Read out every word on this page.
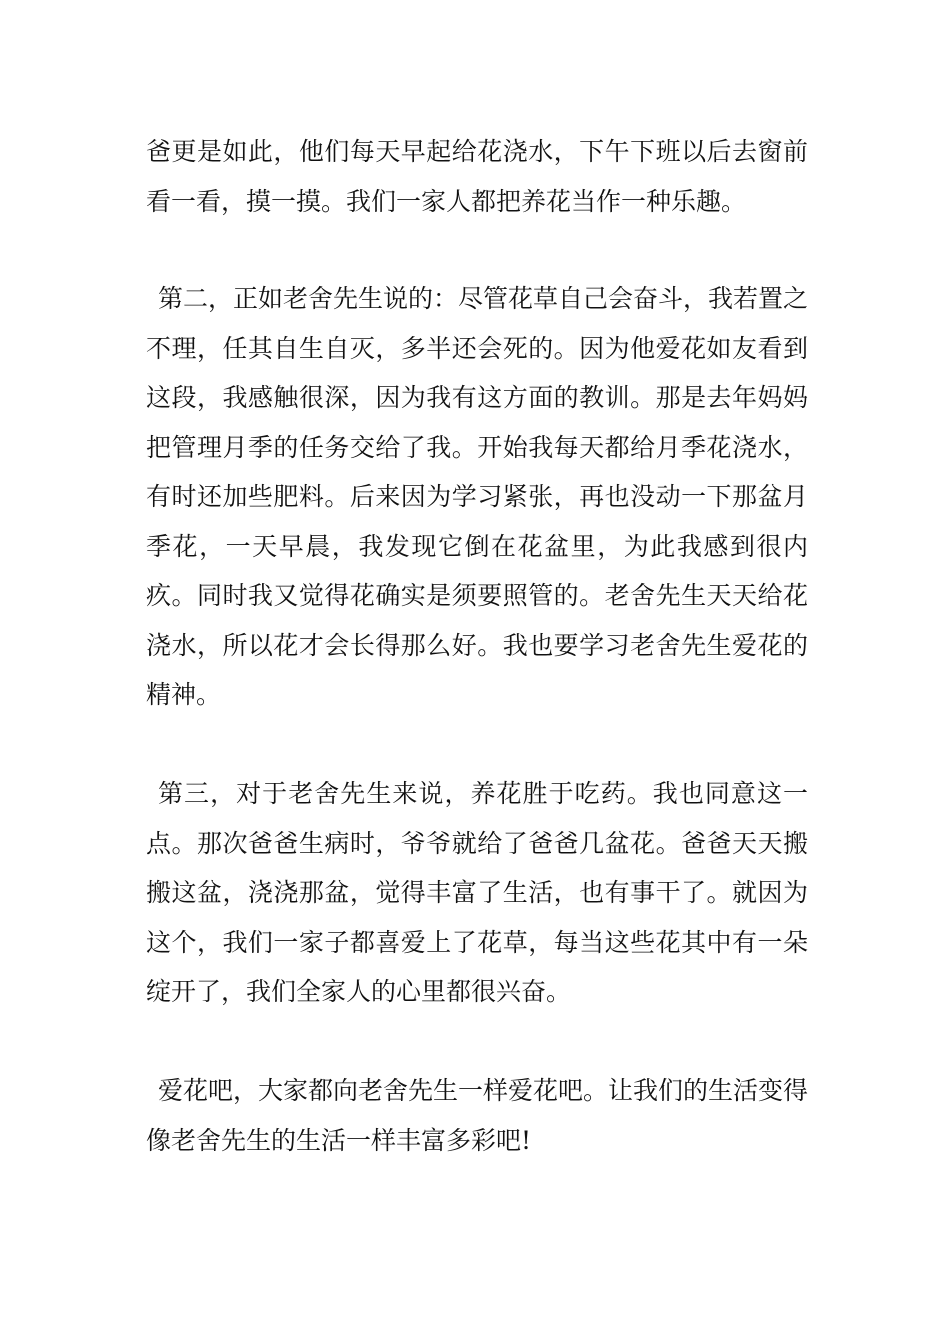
爸更是如此，他们每天早起给花浇水，下午下班以后去窗前看一看，摸一摸。我们一家人都把养花当作一种乐趣。

第二，正如老舍先生说的：尽管花草自己会奋斗，我若置之不理，任其自生自灭，多半还会死的。因为他爱花如友看到这段，我感触很深，因为我有这方面的教训。那是去年妈妈把管理月季的任务交给了我。开始我每天都给月季花浇水，有时还加些肥料。后来因为学习紧张，再也没动一下那盆月季花，一天早晨，我发现它倒在花盆里，为此我感到很内疚。同时我又觉得花确实是须要照管的。老舍先生天天给花浇水，所以花才会长得那么好。我也要学习老舍先生爱花的精神。

第三，对于老舍先生来说，养花胜于吃药。我也同意这一点。那次爸爸生病时，爷爷就给了爸爸几盆花。爸爸天天搬搬这盆，浇浇那盆，觉得丰富了生活，也有事干了。就因为这个，我们一家子都喜爱上了花草，每当这些花其中有一朵绽开了，我们全家人的心里都很兴奋。

爱花吧，大家都向老舍先生一样爱花吧。让我们的生活变得像老舍先生的生活一样丰富多彩吧!
